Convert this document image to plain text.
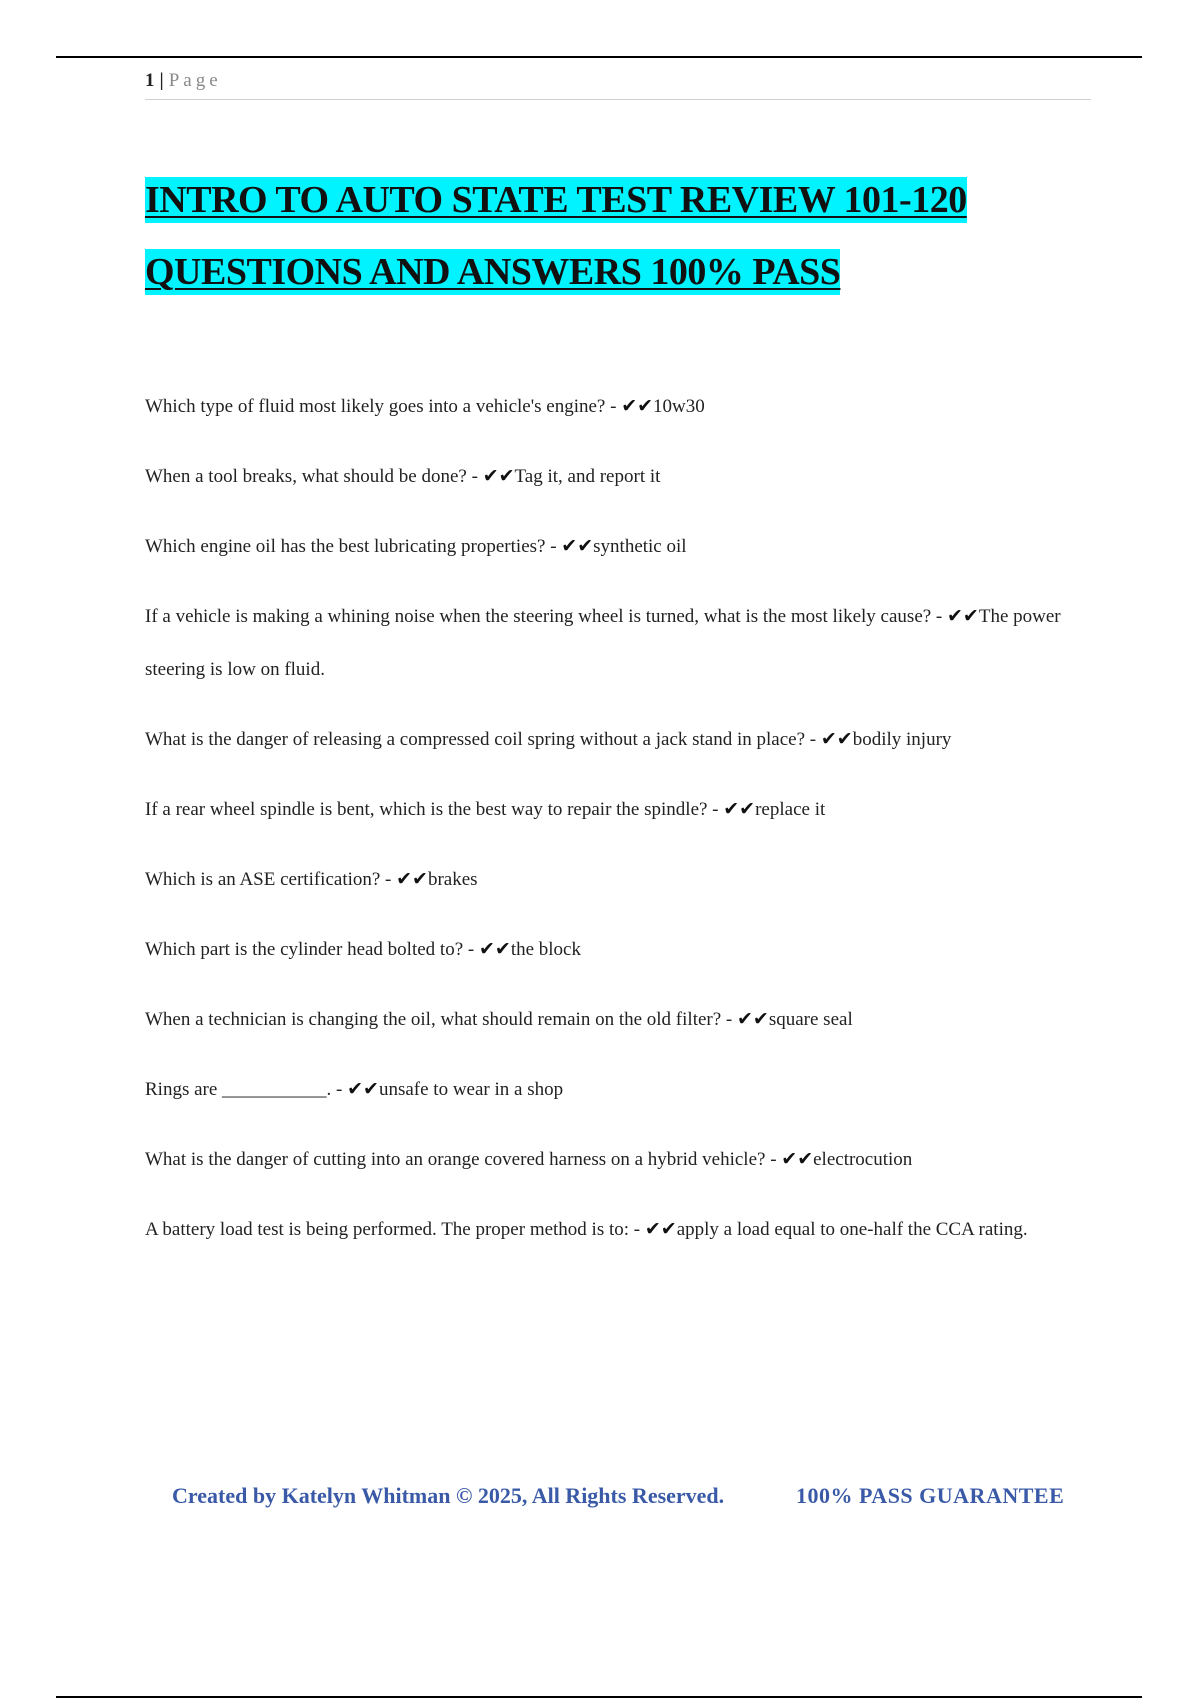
1 | Page
INTRO TO AUTO STATE TEST REVIEW 101-120
QUESTIONS AND ANSWERS 100% PASS
Which type of fluid most likely goes into a vehicle's engine? - ✔✔10w30
When a tool breaks, what should be done? - ✔✔Tag it, and report it
Which engine oil has the best lubricating properties? - ✔✔synthetic oil
If a vehicle is making a whining noise when the steering wheel is turned, what is the most likely cause? - ✔✔The power steering is low on fluid.
What is the danger of releasing a compressed coil spring without a jack stand in place? - ✔✔bodily injury
If a rear wheel spindle is bent, which is the best way to repair the spindle? - ✔✔replace it
Which is an ASE certification? - ✔✔brakes
Which part is the cylinder head bolted to? - ✔✔the block
When a technician is changing the oil, what should remain on the old filter? - ✔✔square seal
Rings are ___________. - ✔✔unsafe to wear in a shop
What is the danger of cutting into an orange covered harness on a hybrid vehicle? - ✔✔electrocution
A battery load test is being performed. The proper method is to: - ✔✔apply a load equal to one-half the CCA rating.
Created by Katelyn Whitman © 2025, All Rights Reserved.	100% PASS GUARANTEE
